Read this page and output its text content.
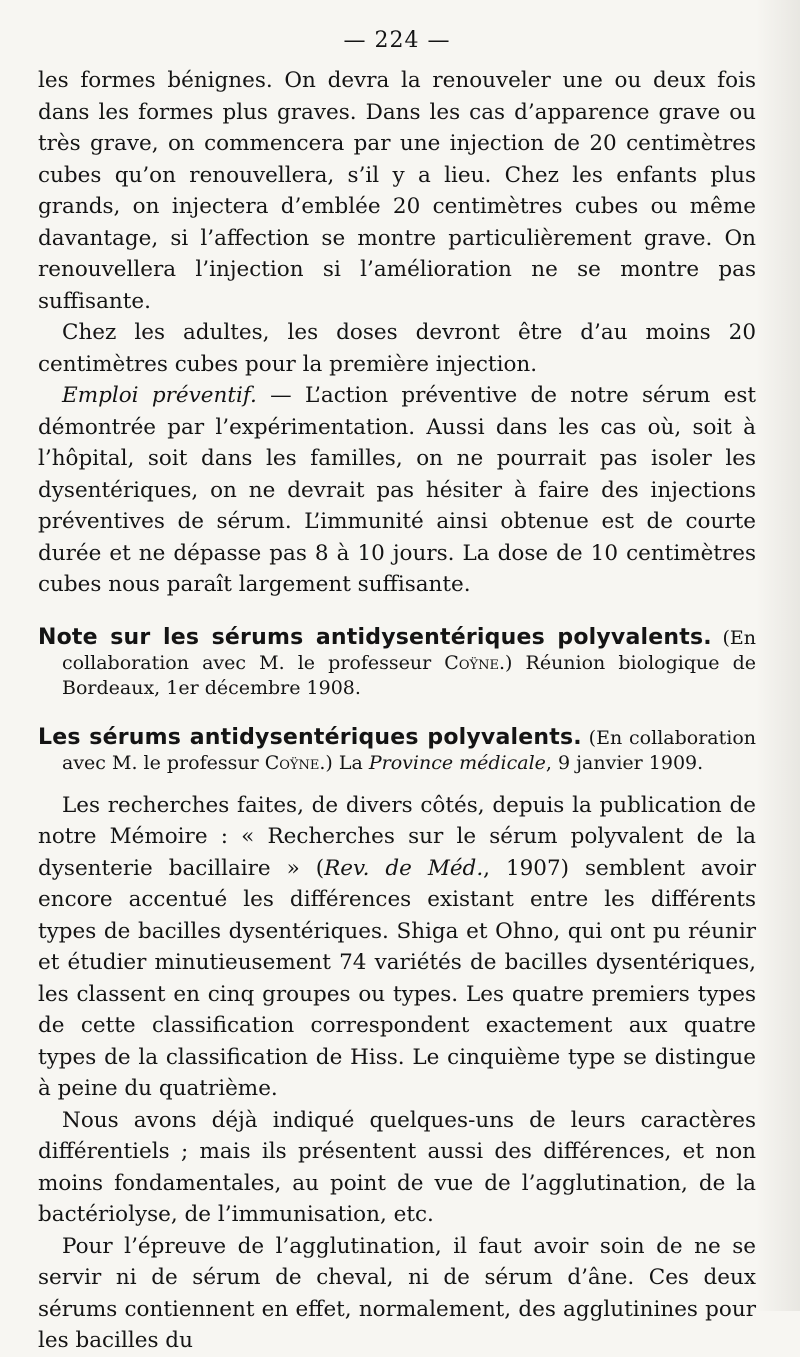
— 224 —

les formes bénignes. On devra la renouveler une ou deux fois dans les formes plus graves. Dans les cas d’apparence grave ou très grave, on commencera par une injection de 20 centimètres cubes qu’on renouvellera, s’il y a lieu. Chez les enfants plus grands, on injectera d’emblée 20 centimètres cubes ou même davantage, si l’affection se montre particulièrement grave. On renouvellera l’injection si l’amélioration ne se montre pas suffisante.

Chez les adultes, les doses devront être d’au moins 20 centimètres cubes pour la première injection.

Emploi préventif. — L’action préventive de notre sérum est démontrée par l’expérimentation. Aussi dans les cas où, soit à l’hôpital, soit dans les familles, on ne pourrait pas isoler les dysentériques, on ne devrait pas hésiter à faire des injections préventives de sérum. L’immunité ainsi obtenue est de courte durée et ne dépasse pas 8 à 10 jours. La dose de 10 centimètres cubes nous paraît largement suffisante.

Note sur les sérums antidysentériques polyvalents. (En collaboration avec M. le professeur Coÿne.) Réunion biologique de Bordeaux, 1er décembre 1908.
Les sérums antidysentériques polyvalents. (En collaboration avec M. le professur Coÿne.) La Province médicale, 9 janvier 1909.

Les recherches faites, de divers côtés, depuis la publication de notre Mémoire : « Recherches sur le sérum polyvalent de la dysenterie bacillaire » (Rev. de Méd., 1907) semblent avoir encore accentué les différences existant entre les différents types de bacilles dysentériques. Shiga et Ohno, qui ont pu réunir et étudier minutieusement 74 variétés de bacilles dysentériques, les classent en cinq groupes ou types. Les quatre premiers types de cette classification correspondent exactement aux quatre types de la classification de Hiss. Le cinquième type se distingue à peine du quatrième.

Nous avons déjà indiqué quelques-uns de leurs caractères différentiels ; mais ils présentent aussi des différences, et non moins fondamentales, au point de vue de l’agglutination, de la bactériolyse, de l’immunisation, etc.

Pour l’épreuve de l’agglutination, il faut avoir soin de ne se servir ni de sérum de cheval, ni de sérum d’âne. Ces deux sérums contiennent en effet, normalement, des agglutinines pour les bacilles du
